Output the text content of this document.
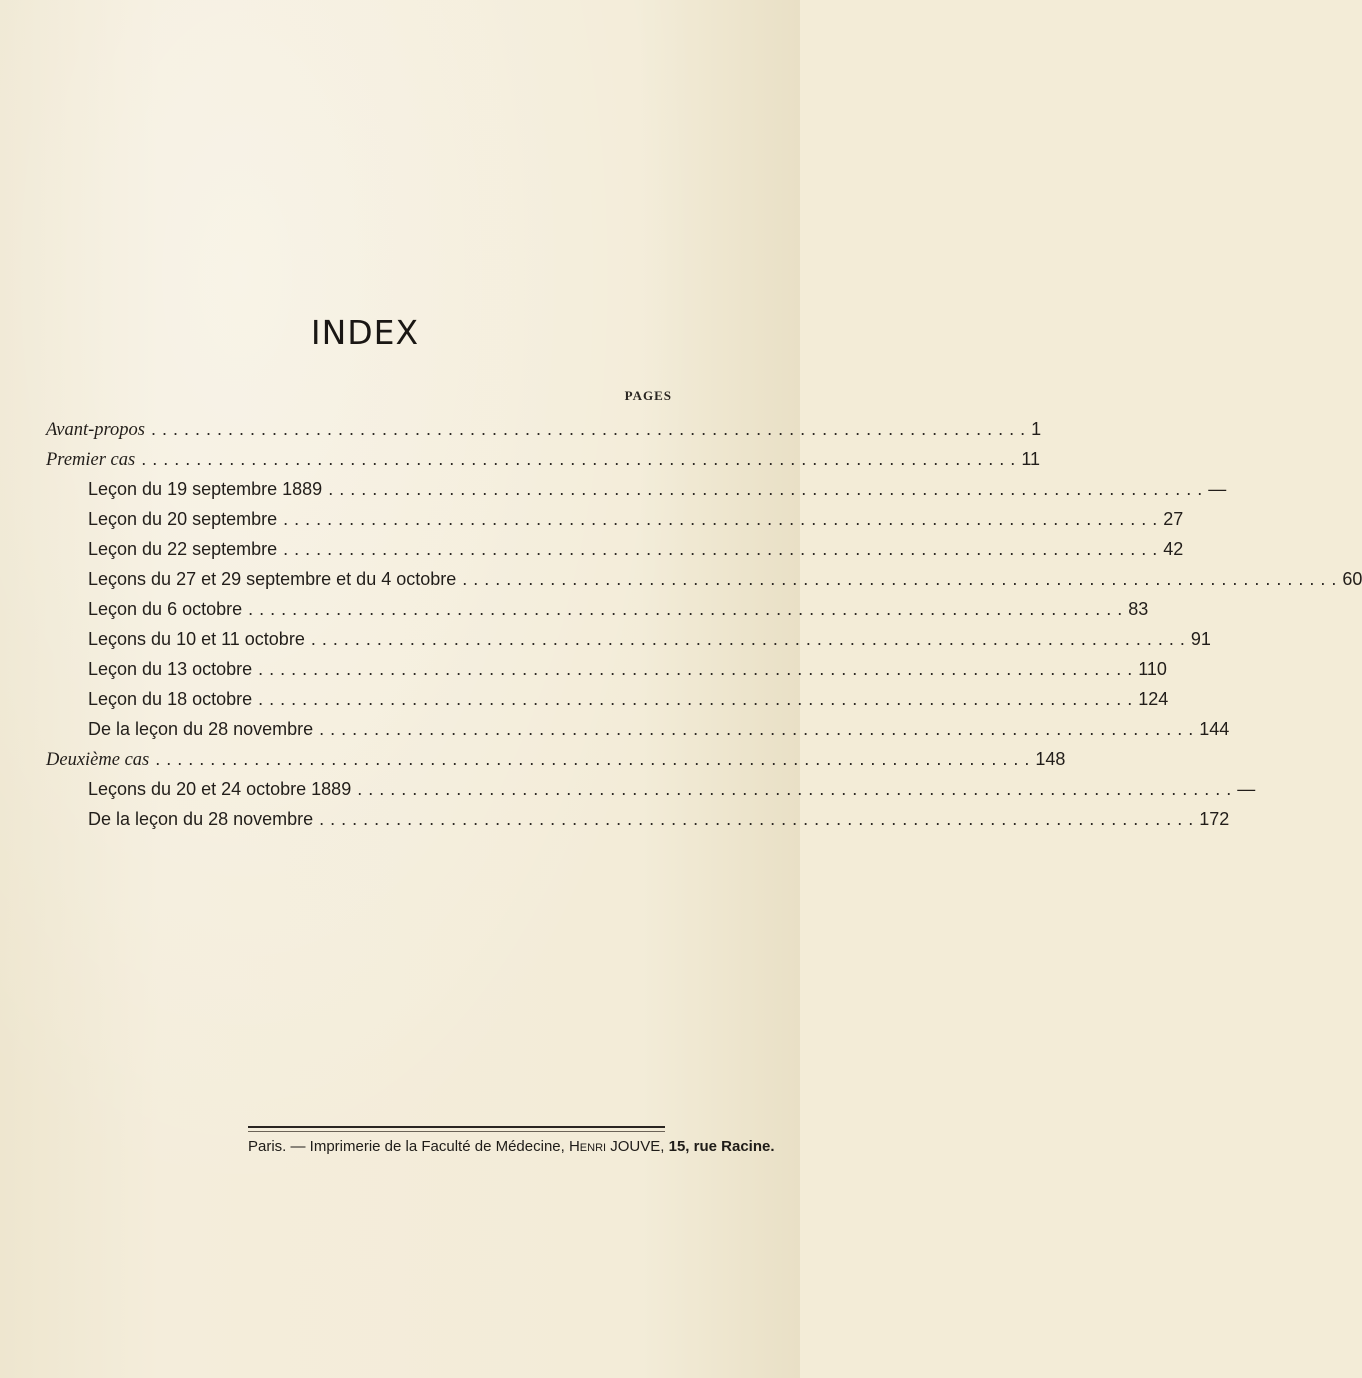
INDEX
PAGES
Avant-propos ................................................................................ 1
Premier cas ................................................................................ 11
Leçon du 19 septembre 1889 ................................................................................ —
Leçon du 20 septembre ................................................................................ 27
Leçon du 22 septembre ................................................................................ 42
Leçons du 27 et 29 septembre et du 4 octobre ................................................................................ 60
Leçon du 6 octobre ................................................................................ 83
Leçons du 10 et 11 octobre ................................................................................ 91
Leçon du 13 octobre ................................................................................ 110
Leçon du 18 octobre ................................................................................ 124
De la leçon du 28 novembre ................................................................................ 144
Deuxième cas ................................................................................ 148
Leçons du 20 et 24 octobre 1889 ................................................................................ —
De la leçon du 28 novembre ................................................................................ 172
Paris. — Imprimerie de la Faculté de Médecine, Henri JOUVE, 15, rue Racine.
